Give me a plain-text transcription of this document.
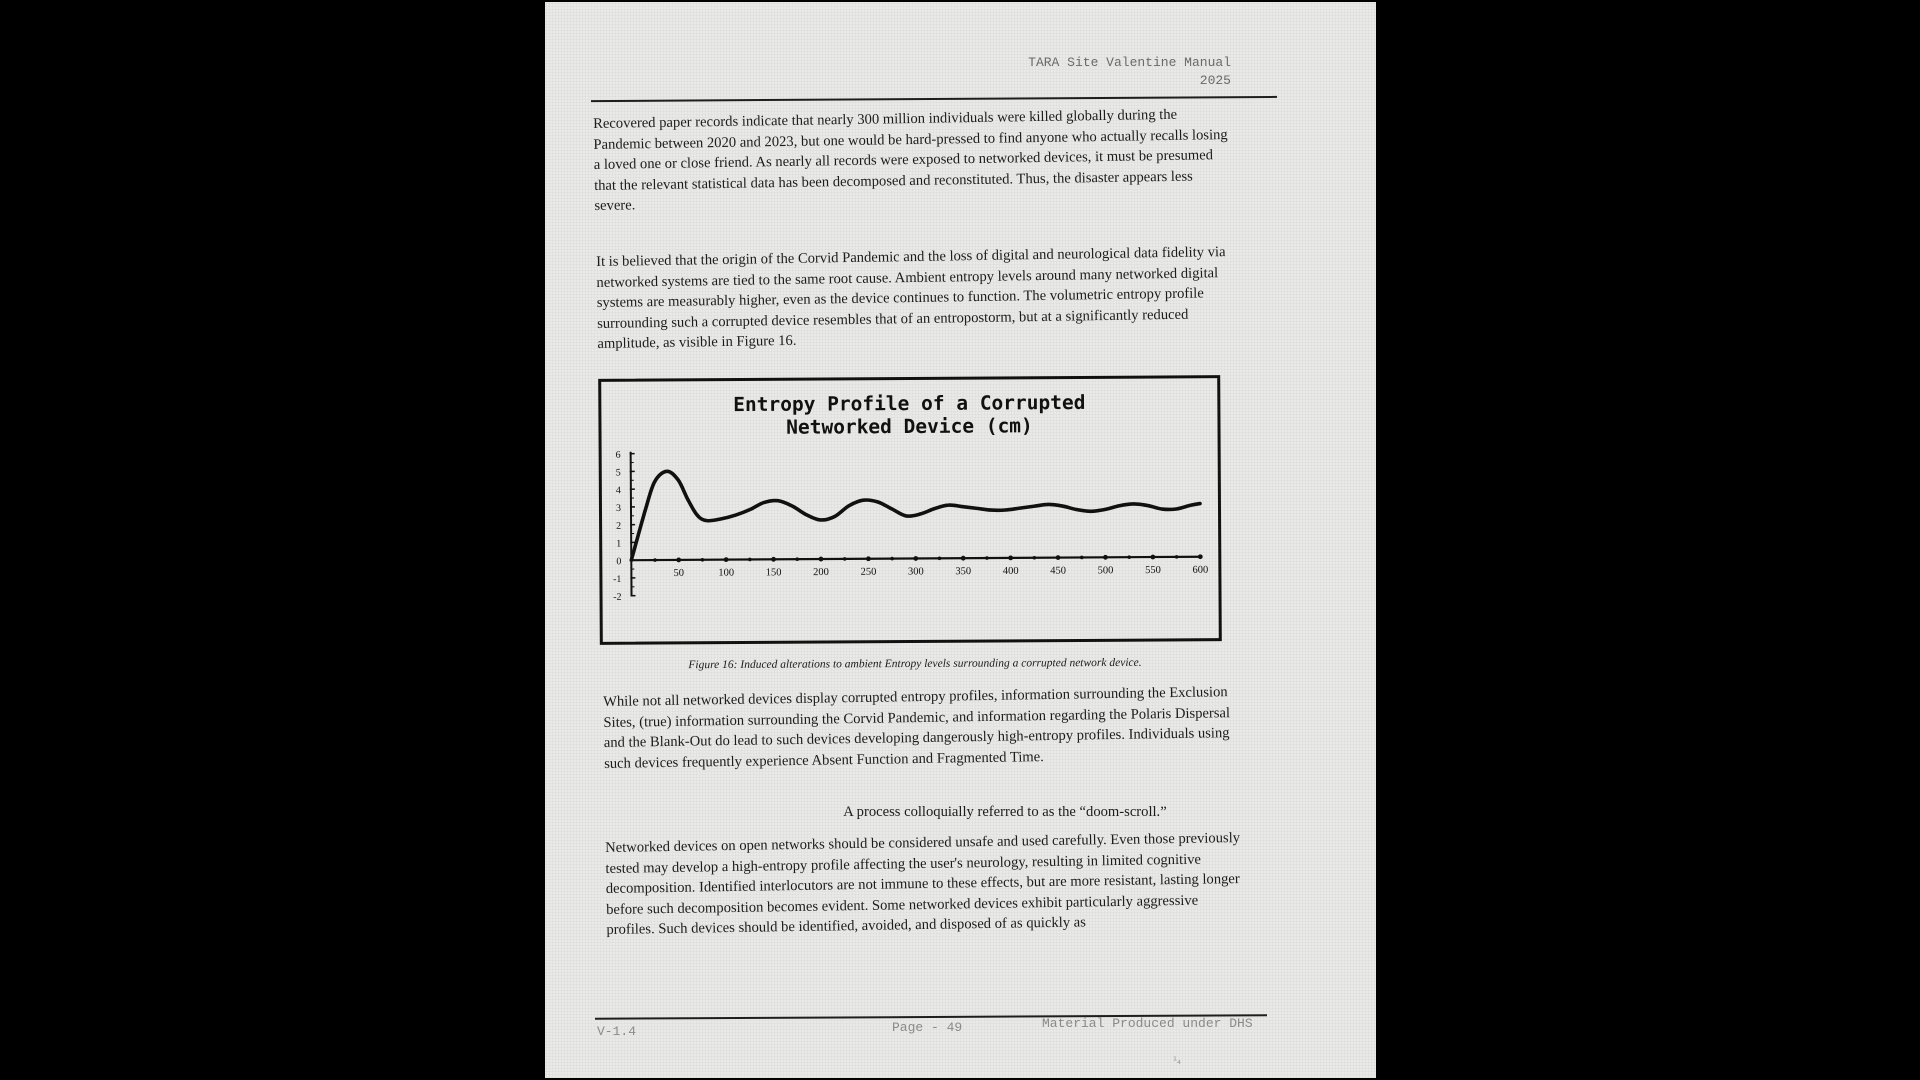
TARA Site Valentine Manual
2025

Recovered paper records indicate that nearly 300 million individuals were killed globally during the Pandemic between 2020 and 2023, but one would be hard-pressed to find anyone who actually recalls losing a loved one or close friend. As nearly all records were exposed to networked devices, it must be presumed that the relevant statistical data has been decomposed and reconstituted. Thus, the disaster appears less severe.

It is believed that the origin of the Corvid Pandemic and the loss of digital and neurological data fidelity via networked systems are tied to the same root cause. Ambient entropy levels around many networked digital systems are measurably higher, even as the device continues to function. The volumetric entropy profile surrounding such a corrupted device resembles that of an entropostorm, but at a significantly reduced amplitude, as visible in Figure 16.

Entropy Profile of a Corrupted
Networked Device (cm)
6
5
4
3
2
1
0
-1
-2
50	100	150	200	250	300	350	400	450	500	550	600
Figure 16: Induced alterations to ambient Entropy levels surrounding a corrupted network device.

While not all networked devices display corrupted entropy profiles, information surrounding the Exclusion Sites, (true) information surrounding the Corvid Pandemic, and information regarding the Polaris Dispersal and the Blank-Out do lead to such devices developing dangerously high-entropy profiles. Individuals using such devices frequently experience Absent Function and Fragmented Time.

A process colloquially referred to as the “doom-scroll.”

Networked devices on open networks should be considered unsafe and used carefully. Even those previously tested may develop a high-entropy profile affecting the user's neurology, resulting in limited cognitive decomposition. Identified interlocutors are not immune to these effects, but are more resistant, lasting longer before such decomposition becomes evident. Some networked devices exhibit particularly aggressive profiles. Such devices should be identified, avoided, and disposed of as quickly as

V-1.4	Page - 49	Material Produced under DHS
¹₄
